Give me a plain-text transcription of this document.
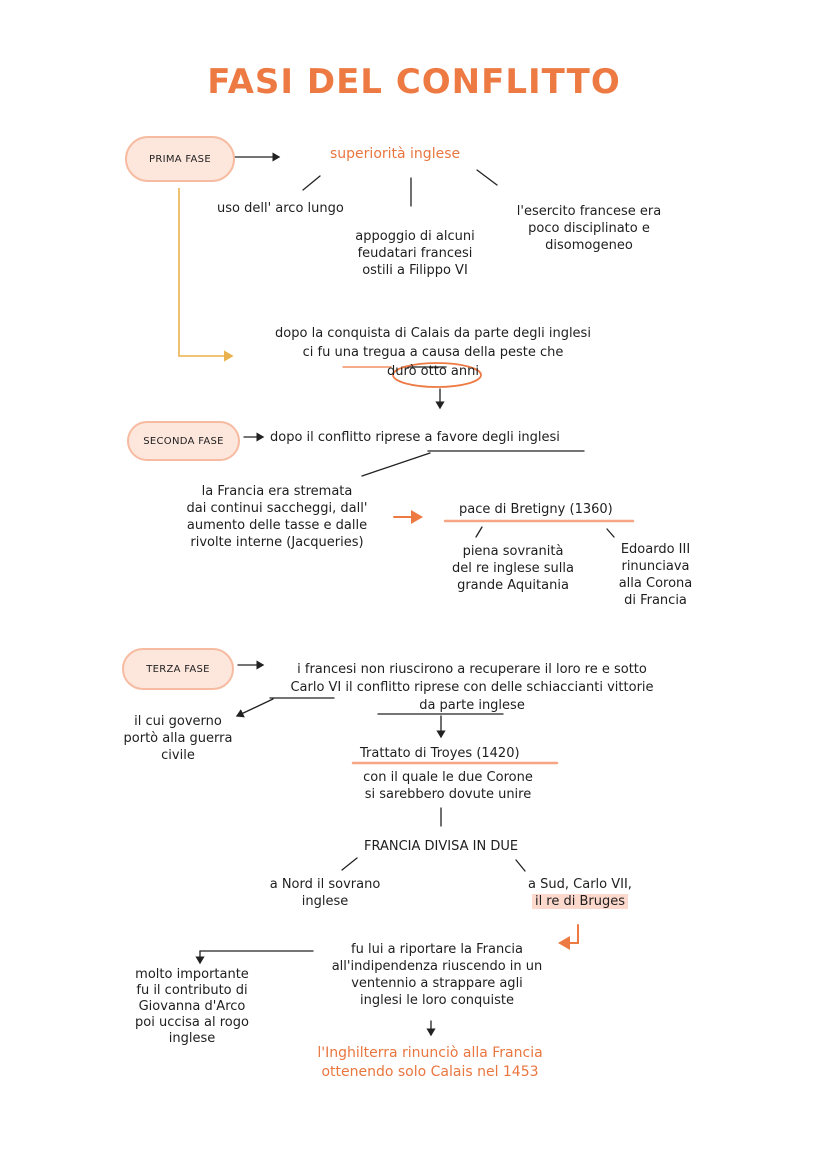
FASI DEL CONFLITTO
PRIMA FASE	superiorità inglese
uso dell' arco lungo
appoggio di alcuni
feudatari francesi
ostili a Filippo VI
l'esercito francese era
poco disciplinato e
disomogeneo
dopo la conquista di Calais da parte degli inglesi
ci fu una tregua a causa della peste che
durò otto anni
SECONDA FASE	dopo il conflitto riprese a favore degli inglesi
la Francia era stremata
dai continui saccheggi, dall'
aumento delle tasse e dalle
rivolte interne (Jacqueries)
pace di Bretigny (1360)
piena sovranità
del re inglese sulla
grande Aquitania
Edoardo III
rinunciava
alla Corona
di Francia
TERZA FASE	i francesi non riuscirono a recuperare il loro re e sotto
Carlo VI il conflitto riprese con delle schiaccianti vittorie
da parte inglese
il cui governo
portò alla guerra
civile	Trattato di Troyes (1420)
con il quale le due Corone
si sarebbero dovute unire
FRANCIA DIVISA IN DUE
a Nord il sovrano
inglese
a Sud, Carlo VII,
il re di Bruges
fu lui a riportare la Francia
all'indipendenza riuscendo in un
ventennio a strappare agli
inglesi le loro conquiste
molto importante
fu il contributo di
Giovanna d'Arco
poi uccisa al rogo
inglese
l'Inghilterra rinunciò alla Francia
ottenendo solo Calais nel 1453
